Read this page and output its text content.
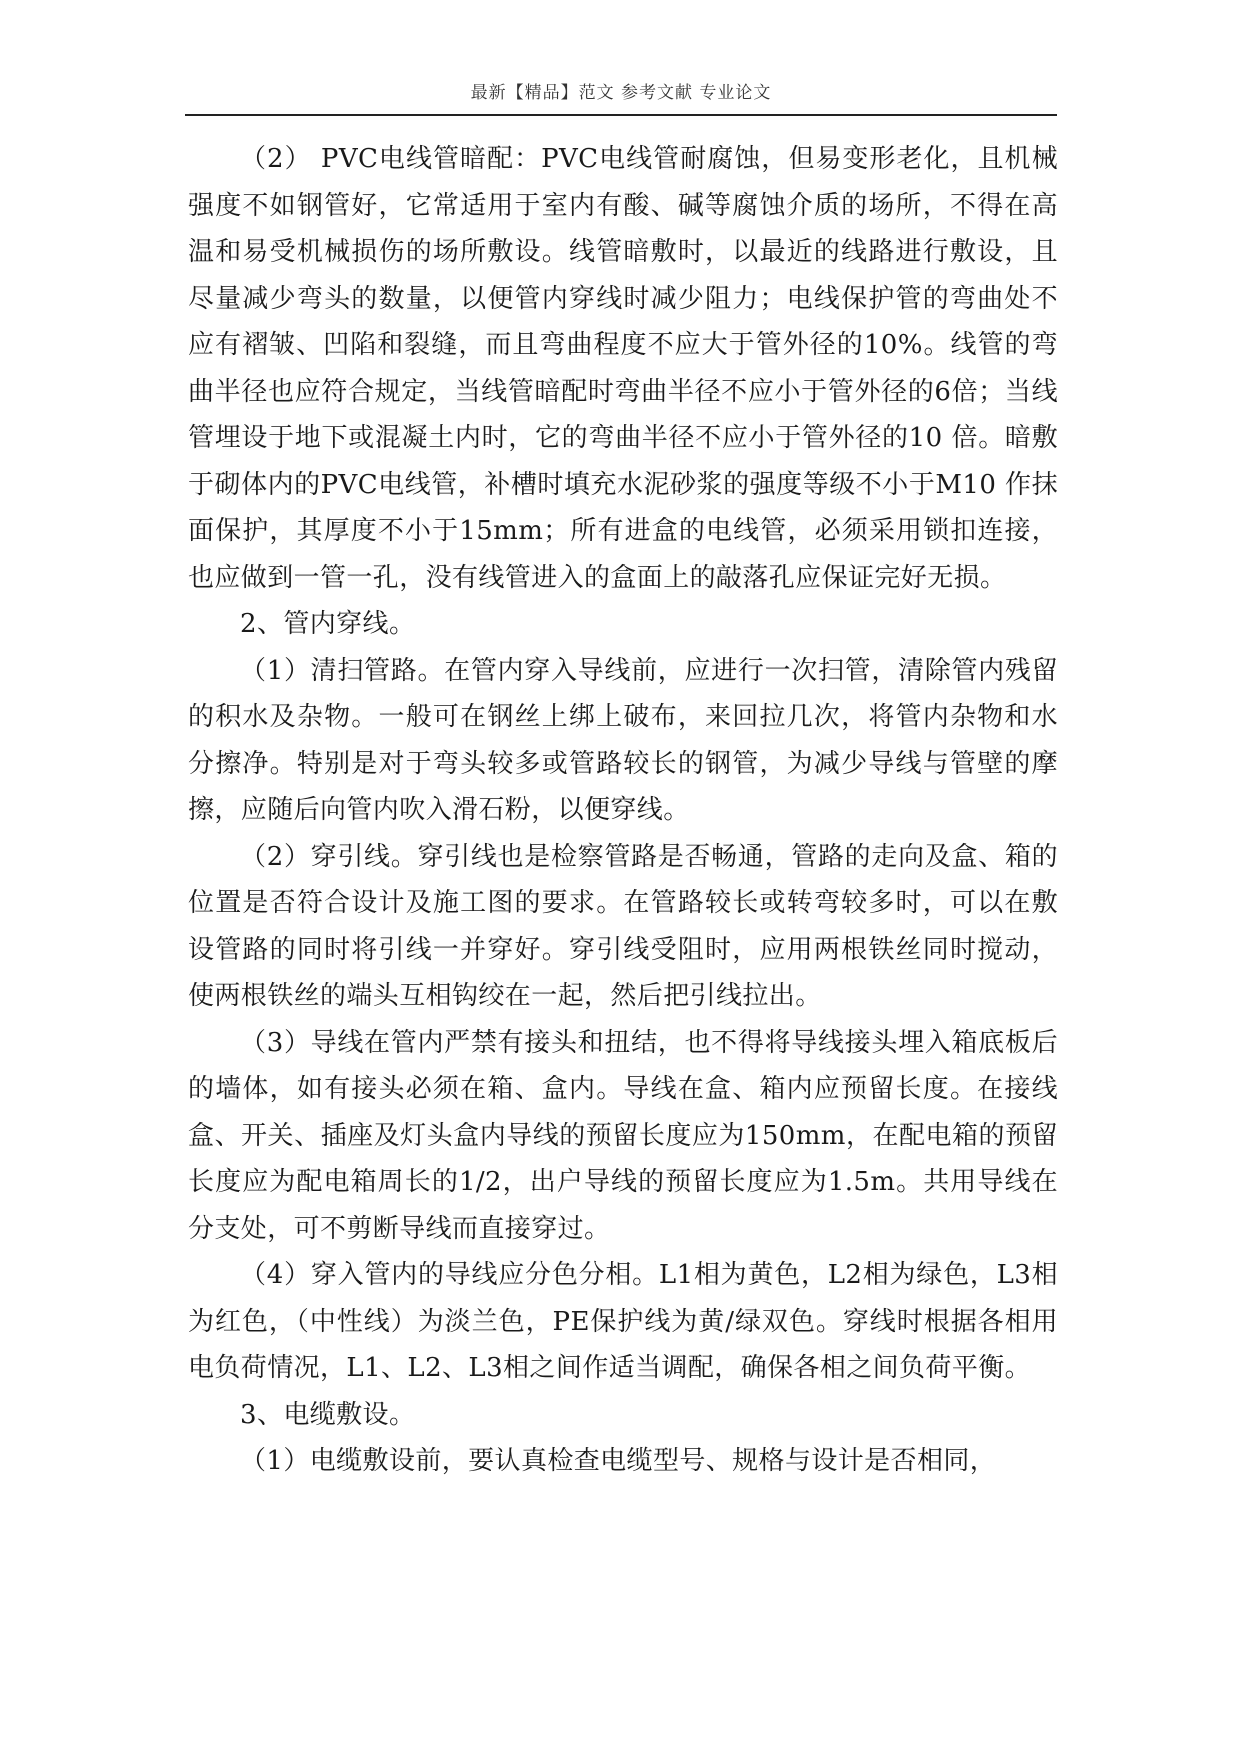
最新【精品】范文 参考文献 专业论文

（2） PVC电线管暗配：PVC电线管耐腐蚀，但易变形老化，且机械强度不如钢管好，它常适用于室内有酸、碱等腐蚀介质的场所，不得在高温和易受机械损伤的场所敷设。线管暗敷时，以最近的线路进行敷设，且尽量减少弯头的数量，以便管内穿线时减少阻力；电线保护管的弯曲处不应有褶皱、凹陷和裂缝，而且弯曲程度不应大于管外径的10%。线管的弯曲半径也应符合规定，当线管暗配时弯曲半径不应小于管外径的6倍；当线管埋设于地下或混凝土内时，它的弯曲半径不应小于管外径的10 倍。暗敷于砌体内的PVC电线管，补槽时填充水泥砂浆的强度等级不小于M10 作抹面保护，其厚度不小于15mm；所有进盒的电线管，必须采用锁扣连接，也应做到一管一孔，没有线管进入的盒面上的敲落孔应保证完好无损。

2、管内穿线。

（1）清扫管路。在管内穿入导线前，应进行一次扫管，清除管内残留的积水及杂物。一般可在钢丝上绑上破布，来回拉几次，将管内杂物和水分擦净。特别是对于弯头较多或管路较长的钢管，为减少导线与管壁的摩擦，应随后向管内吹入滑石粉，以便穿线。

（2）穿引线。穿引线也是检察管路是否畅通，管路的走向及盒、箱的位置是否符合设计及施工图的要求。在管路较长或转弯较多时，可以在敷设管路的同时将引线一并穿好。穿引线受阻时，应用两根铁丝同时搅动，使两根铁丝的端头互相钩绞在一起，然后把引线拉出。

（3）导线在管内严禁有接头和扭结，也不得将导线接头埋入箱底板后的墙体，如有接头必须在箱、盒内。导线在盒、箱内应预留长度。在接线盒、开关、插座及灯头盒内导线的预留长度应为150mm，在配电箱的预留长度应为配电箱周长的1/2，出户导线的预留长度应为1.5m。共用导线在分支处，可不剪断导线而直接穿过。

（4）穿入管内的导线应分色分相。L1相为黄色，L2相为绿色，L3相为红色，（中性线）为淡兰色，PE保护线为黄/绿双色。穿线时根据各相用电负荷情况，L1、L2、L3相之间作适当调配，确保各相之间负荷平衡。

3、电缆敷设。

（1）电缆敷设前，要认真检查电缆型号、规格与设计是否相同，
